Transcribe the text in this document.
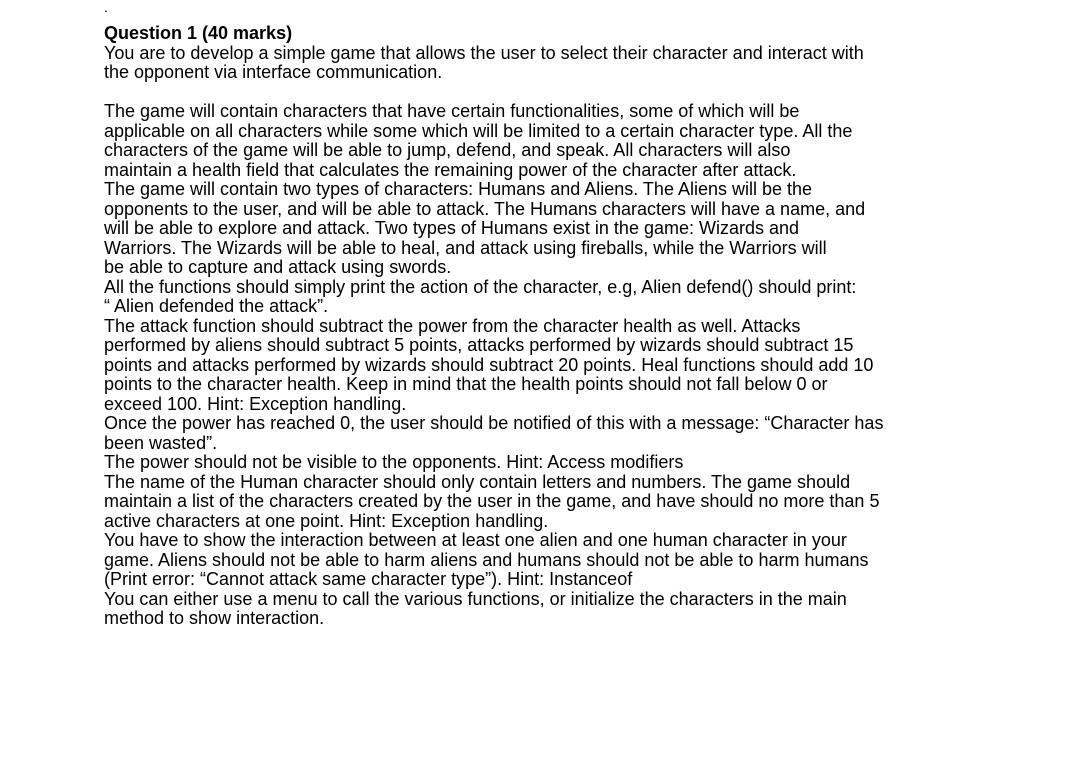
.
Question 1 (40 marks)
You are to develop a simple game that allows the user to select their character and interact with
the opponent via interface communication.
The game will contain characters that have certain functionalities, some of which will be
applicable on all characters while some which will be limited to a certain character type. All the
characters of the game will be able to jump, defend, and speak. All characters will also
maintain a health field that calculates the remaining power of the character after attack.
The game will contain two types of characters: Humans and Aliens. The Aliens will be the
opponents to the user, and will be able to attack. The Humans characters will have a name, and
will be able to explore and attack. Two types of Humans exist in the game: Wizards and
Warriors. The Wizards will be able to heal, and attack using fireballs, while the Warriors will
be able to capture and attack using swords.
All the functions should simply print the action of the character, e.g, Alien defend() should print:
“ Alien defended the attack”.
The attack function should subtract the power from the character health as well. Attacks
performed by aliens should subtract 5 points, attacks performed by wizards should subtract 15
points and attacks performed by wizards should subtract 20 points. Heal functions should add 10
points to the character health. Keep in mind that the health points should not fall below 0 or
exceed 100. Hint: Exception handling.
Once the power has reached 0, the user should be notified of this with a message: “Character has
been wasted”.
The power should not be visible to the opponents. Hint: Access modifiers
The name of the Human character should only contain letters and numbers. The game should
maintain a list of the characters created by the user in the game, and have should no more than 5
active characters at one point. Hint: Exception handling.
You have to show the interaction between at least one alien and one human character in your
game. Aliens should not be able to harm aliens and humans should not be able to harm humans
(Print error: “Cannot attack same character type”). Hint: Instanceof
You can either use a menu to call the various functions, or initialize the characters in the main
method to show interaction.
